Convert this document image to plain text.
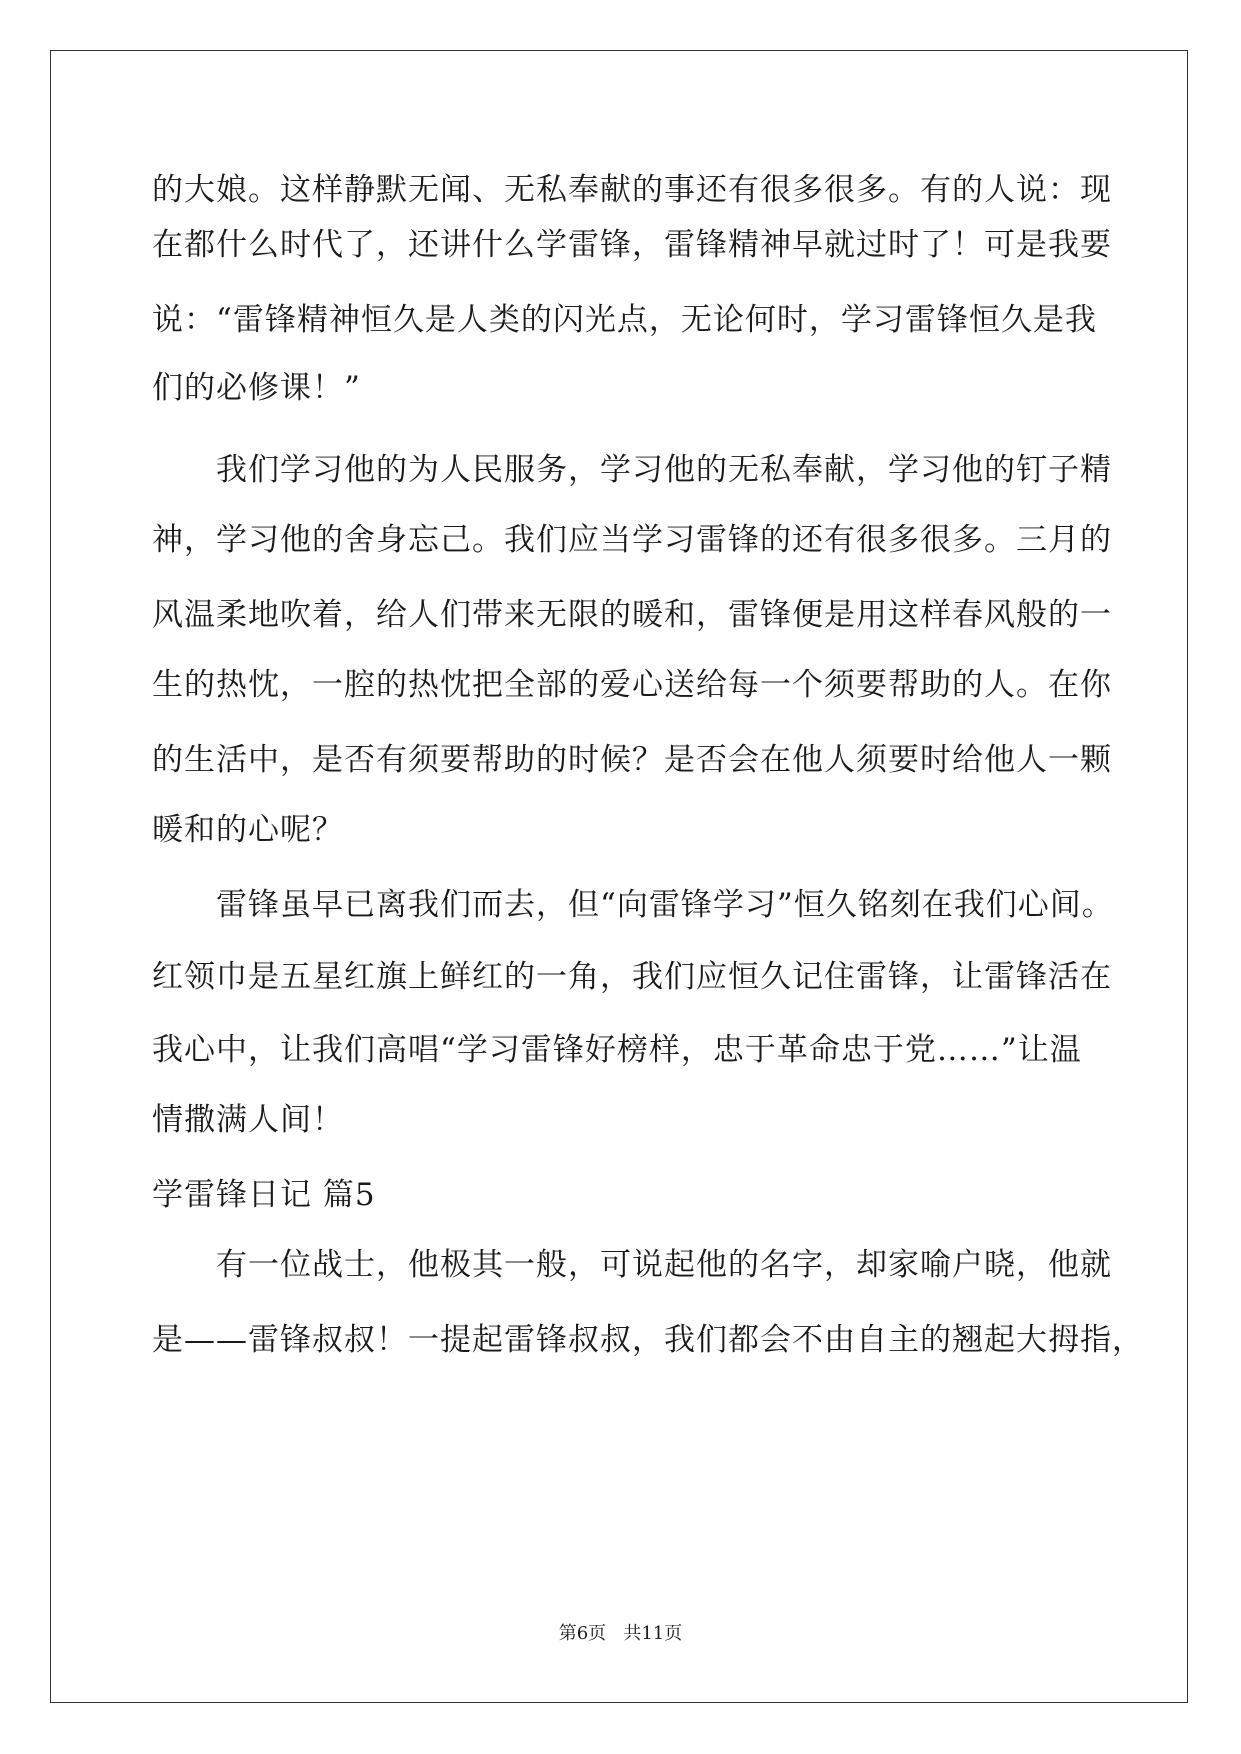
的大娘。这样静默无闻、无私奉献的事还有很多很多。有的人说：现

在都什么时代了，还讲什么学雷锋，雷锋精神早就过时了！可是我要

说：“雷锋精神恒久是人类的闪光点，无论何时，学习雷锋恒久是我

们的必修课！”

　　我们学习他的为人民服务，学习他的无私奉献，学习他的钉子精

神，学习他的舍身忘己。我们应当学习雷锋的还有很多很多。三月的

风温柔地吹着，给人们带来无限的暖和，雷锋便是用这样春风般的一

生的热忱，一腔的热忱把全部的爱心送给每一个须要帮助的人。在你

的生活中，是否有须要帮助的时候？是否会在他人须要时给他人一颗

暖和的心呢？

　　雷锋虽早已离我们而去，但“向雷锋学习”恒久铭刻在我们心间。

红领巾是五星红旗上鲜红的一角，我们应恒久记住雷锋，让雷锋活在

我心中，让我们高唱“学习雷锋好榜样，忠于革命忠于党……”让温

情撒满人间！

学雷锋日记 篇5

　　有一位战士，他极其一般，可说起他的名字，却家喻户晓，他就

是——雷锋叔叔！一提起雷锋叔叔，我们都会不由自主的翘起大拇指，

第6页   共11页
